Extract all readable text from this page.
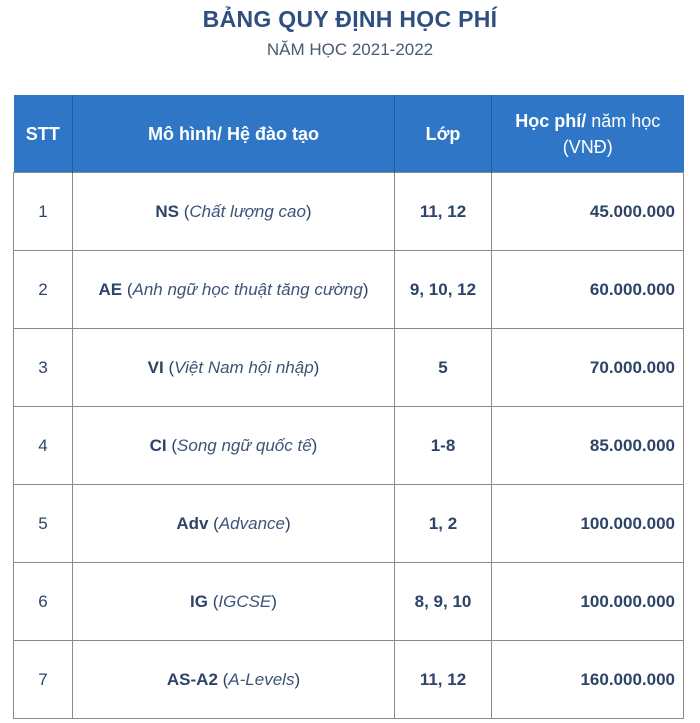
BẢNG QUY ĐỊNH HỌC PHÍ
NĂM HỌC 2021-2022
STT	Mô hình/ Hệ đào tạo	Lớp	Học phí/ năm học
(VNĐ)
1	NS (Chất lượng cao)	11, 12	45.000.000
2	AE (Anh ngữ học thuật tăng cường)	9, 10, 12	60.000.000
3	VI (Việt Nam hội nhập)	5	70.000.000
4	CI (Song ngữ quốc tế)	1-8	85.000.000
5	Adv (Advance)	1, 2	100.000.000
6	IG (IGCSE)	8, 9, 10	100.000.000
7	AS-A2 (A-Levels)	11, 12	160.000.000
